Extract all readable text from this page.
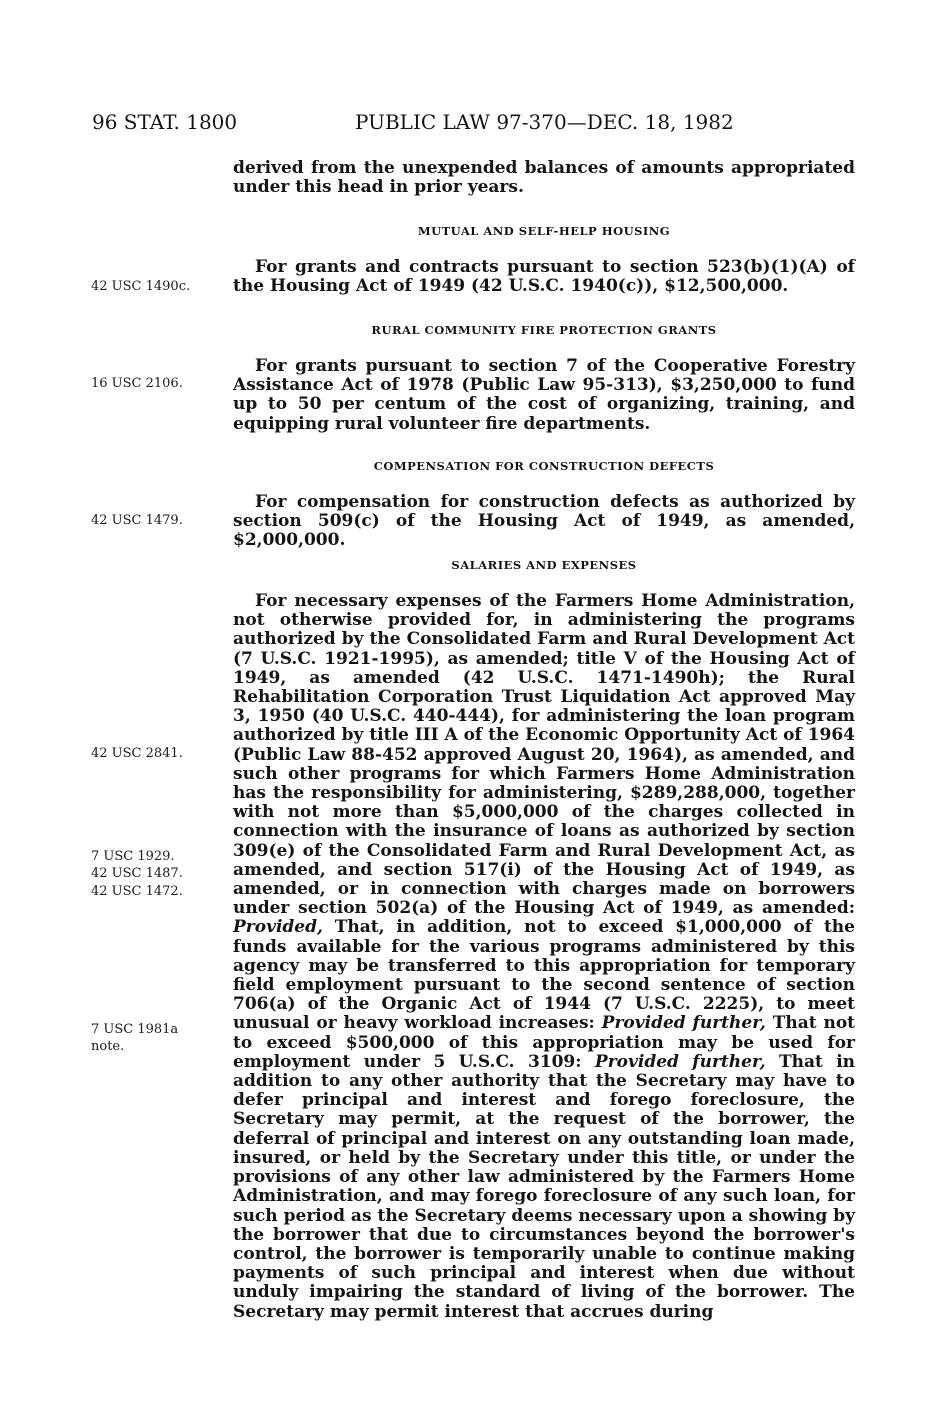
96 STAT. 1800	PUBLIC LAW 97-370—DEC. 18, 1982

derived from the unexpended balances of amounts appropriated under this head in prior years.

MUTUAL AND SELF-HELP HOUSING

For grants and contracts pursuant to section 523(b)(1)(A) of the Housing Act of 1949 (42 U.S.C. 1940(c)), $12,500,000.

RURAL COMMUNITY FIRE PROTECTION GRANTS

For grants pursuant to section 7 of the Cooperative Forestry Assistance Act of 1978 (Public Law 95-313), $3,250,000 to fund up to 50 per centum of the cost of organizing, training, and equipping rural volunteer fire departments.

COMPENSATION FOR CONSTRUCTION DEFECTS

For compensation for construction defects as authorized by section 509(c) of the Housing Act of 1949, as amended, $2,000,000.

SALARIES AND EXPENSES

For necessary expenses of the Farmers Home Administration, not otherwise provided for, in administering the programs authorized by the Consolidated Farm and Rural Development Act (7 U.S.C. 1921-1995), as amended; title V of the Housing Act of 1949, as amended (42 U.S.C. 1471-1490h); the Rural Rehabilitation Corporation Trust Liquidation Act approved May 3, 1950 (40 U.S.C. 440-444), for administering the loan program authorized by title III A of the Economic Opportunity Act of 1964 (Public Law 88-452 approved August 20, 1964), as amended, and such other programs for which Farmers Home Administration has the responsibility for administering, $289,288,000, together with not more than $5,000,000 of the charges collected in connection with the insurance of loans as authorized by section 309(e) of the Consolidated Farm and Rural Development Act, as amended, and section 517(i) of the Housing Act of 1949, as amended, or in connection with charges made on borrowers under section 502(a) of the Housing Act of 1949, as amended: Provided, That, in addition, not to exceed $1,000,000 of the funds available for the various programs administered by this agency may be transferred to this appropriation for temporary field employment pursuant to the second sentence of section 706(a) of the Organic Act of 1944 (7 U.S.C. 2225), to meet unusual or heavy workload increases: Provided further, That not to exceed $500,000 of this appropriation may be used for employment under 5 U.S.C. 3109: Provided further, That in addition to any other authority that the Secretary may have to defer principal and interest and forego foreclosure, the Secretary may permit, at the request of the borrower, the deferral of principal and interest on any outstanding loan made, insured, or held by the Secretary under this title, or under the provisions of any other law administered by the Farmers Home Administration, and may forego foreclosure of any such loan, for such period as the Secretary deems necessary upon a showing by the borrower that due to circumstances beyond the borrower's control, the borrower is temporarily unable to continue making payments of such principal and interest when due without unduly impairing the standard of living of the borrower. The Secretary may permit interest that accrues during

42 USC 1490c.
16 USC 2106.
42 USC 1479.
42 USC 2841.
7 USC 1929.
42 USC 1487.
42 USC 1472.
7 USC 1981a
note.
